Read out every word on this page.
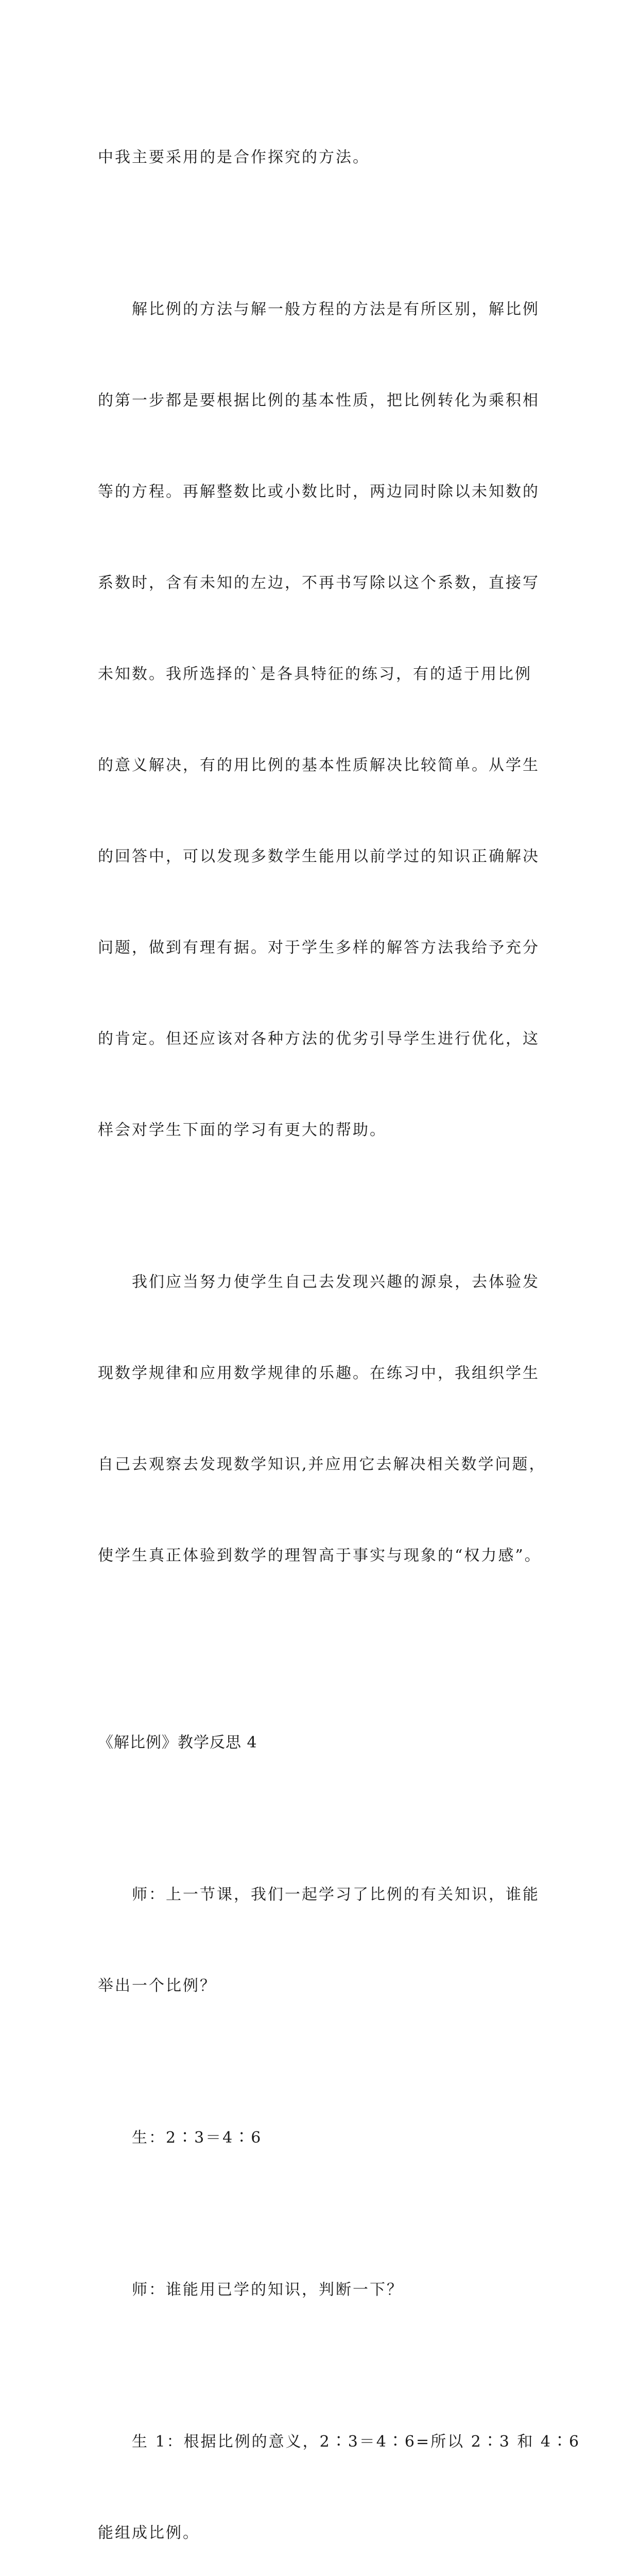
中我主要采用的是合作探究的方法。

解比例的方法与解一般方程的方法是有所区别，解比例

的第一步都是要根据比例的基本性质，把比例转化为乘积相

等的方程。再解整数比或小数比时，两边同时除以未知数的

系数时，含有未知的左边，不再书写除以这个系数，直接写

未知数。我所选择的`是各具特征的练习，有的适于用比例

的意义解决，有的用比例的基本性质解决比较简单。从学生

的回答中，可以发现多数学生能用以前学过的知识正确解决

问题，做到有理有据。对于学生多样的解答方法我给予充分

的肯定。但还应该对各种方法的优劣引导学生进行优化，这

样会对学生下面的学习有更大的帮助。

我们应当努力使学生自己去发现兴趣的源泉，去体验发

现数学规律和应用数学规律的乐趣。在练习中，我组织学生

自己去观察去发现数学知识,并应用它去解决相关数学问题，

使学生真正体验到数学的理智高于事实与现象的“权力感”。

《解比例》教学反思 4

师：上一节课，我们一起学习了比例的有关知识，谁能

举出一个比例？

生：2∶3＝4∶6

师：谁能用已学的知识，判断一下？

生 1：根据比例的意义，2∶3＝4∶6=所以 2∶3 和 4∶6

能组成比例。
